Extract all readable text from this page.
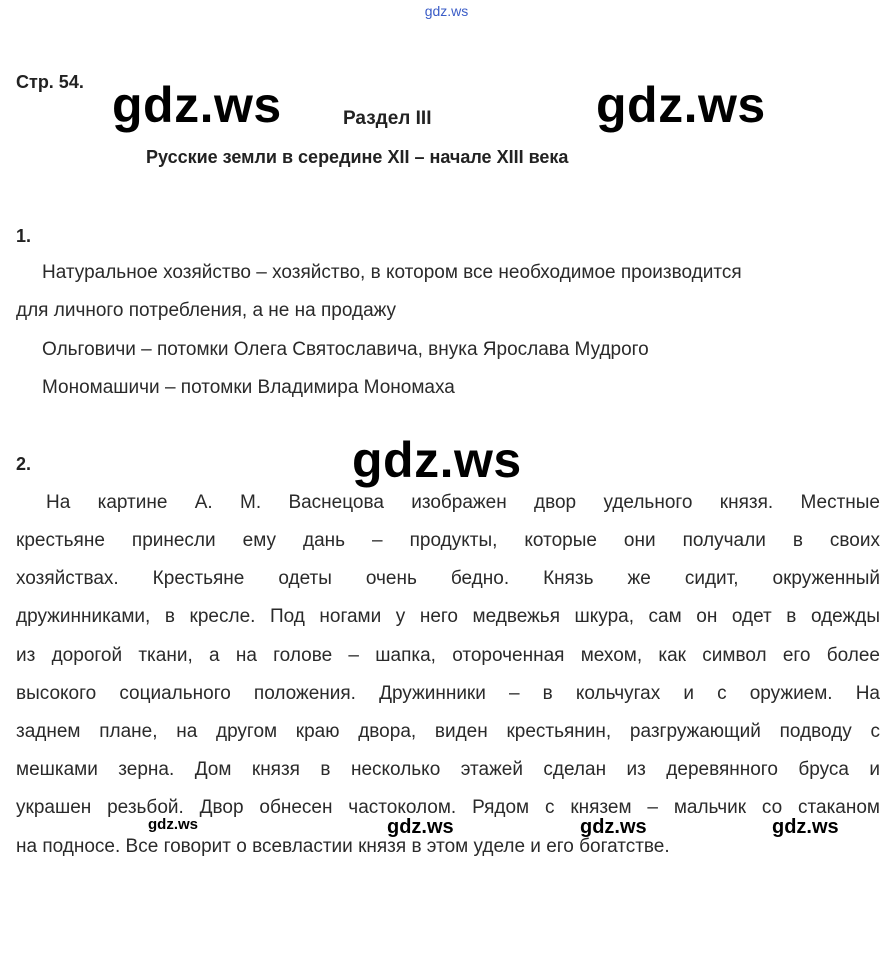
gdz.ws
Стр. 54.
Раздел III
Русские земли в середине XII – начале XIII века
1.
Натуральное хозяйство – хозяйство, в котором все необходимое производится
для личного потребления, а не на продажу
Ольговичи – потомки Олега Святославича, внука Ярослава Мудрого
Мономашичи – потомки Владимира Мономаха
2.
На картине А. М. Васнецова изображен двор удельного князя. Местные
крестьяне принесли ему дань – продукты, которые они получали в своих
хозяйствах. Крестьяне одеты очень бедно. Князь же сидит, окруженный
дружинниками, в кресле. Под ногами у него медвежья шкура, сам он одет в одежды
из дорогой ткани, а на голове – шапка, отороченная мехом, как символ его более
высокого социального положения. Дружинники – в кольчугах и с оружием. На
заднем плане, на другом краю двора, виден крестьянин, разгружающий подводу с
мешками зерна. Дом князя в несколько этажей сделан из деревянного бруса и
украшен резьбой. Двор обнесен частоколом. Рядом с князем – мальчик со стаканом
на подносе. Все говорит о всевластии князя в этом уделе и его богатстве.
gdz.ws	gdz.ws
gdz.ws
gdz.ws	gdz.ws	gdz.ws	gdz.ws
